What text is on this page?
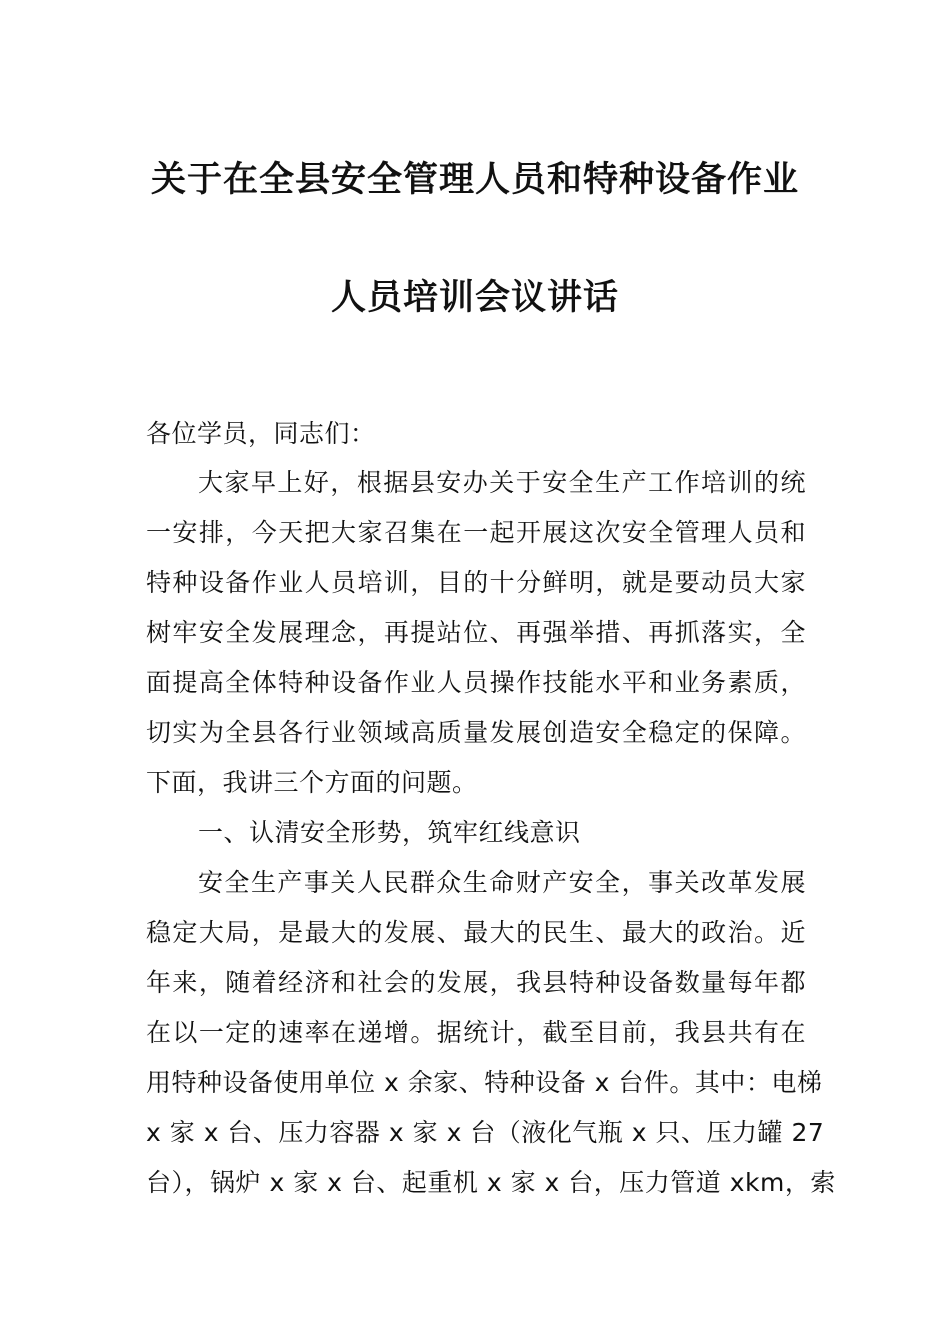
关于在全县安全管理人员和特种设备作业
人员培训会议讲话
各位学员，同志们：
大家早上好，根据县安办关于安全生产工作培训的统
一安排，今天把大家召集在一起开展这次安全管理人员和
特种设备作业人员培训，目的十分鲜明，就是要动员大家
树牢安全发展理念，再提站位、再强举措、再抓落实，全
面提高全体特种设备作业人员操作技能水平和业务素质，
切实为全县各行业领域高质量发展创造安全稳定的保障。
下面，我讲三个方面的问题。
一、认清安全形势，筑牢红线意识
安全生产事关人民群众生命财产安全，事关改革发展
稳定大局，是最大的发展、最大的民生、最大的政治。近
年来，随着经济和社会的发展，我县特种设备数量每年都
在以一定的速率在递增。据统计，截至目前，我县共有在
用特种设备使用单位 x 余家、特种设备 x 台件。其中：电梯
x 家 x 台、压力容器 x 家 x 台（液化气瓶 x 只、压力罐 27
台），锅炉 x 家 x 台、起重机 x 家 x 台，压力管道 xkm，索
